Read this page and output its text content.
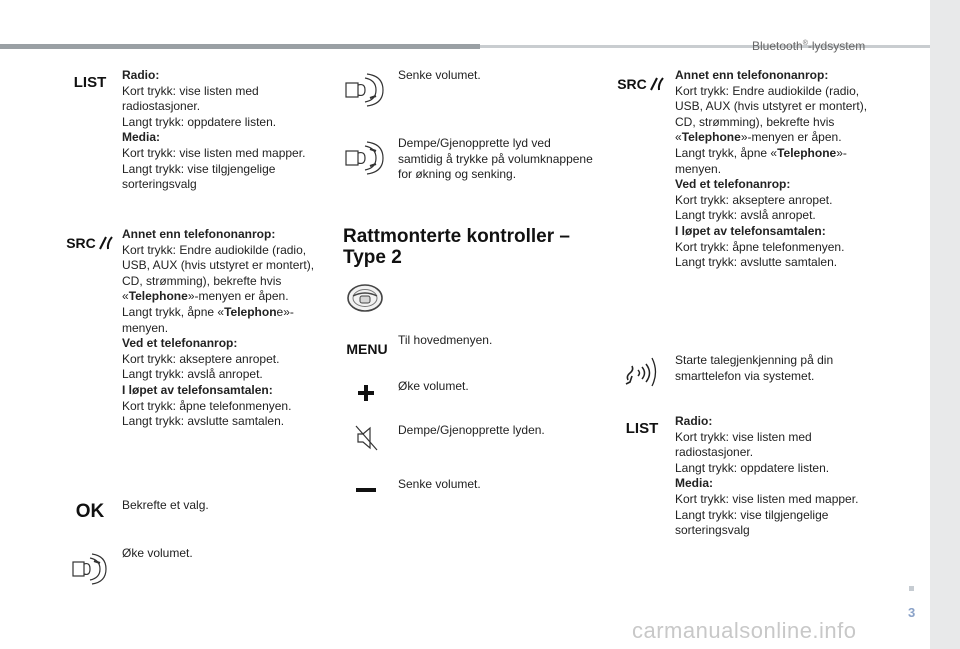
Bluetooth®-lydsystem
LIST Radio:
Kort trykk: vise listen med
radiostasjoner.
Langt trykk: oppdatere listen.
Media:
Kort trykk: vise listen med mapper.
Langt trykk: vise tilgjengelige
sorteringsvalg
SRC
Annet enn telefononanrop:
Kort trykk: Endre audiokilde (radio,
USB, AUX (hvis utstyret er montert),
CD, strømming), bekrefte hvis
«Telephone»-menyen er åpen.
Langt trykk, åpne «Telephone»-
menyen.
Ved et telefonanrop:
Kort trykk: akseptere anropet.
Langt trykk: avslå anropet.
I løpet av telefonsamtalen:
Kort trykk: åpne telefonmenyen.
Langt trykk: avslutte samtalen.
OK Bekrefte et valg.
Øke volumet.
Senke volumet.
Dempe/Gjenopprette lyd ved
samtidig å trykke på volumknappene
for økning og senking.
Rattmonterte kontroller – Type 2
MENU
Til hovedmenyen.
Øke volumet.
Dempe/Gjenopprette lyden.
Senke volumet.
SRC
Annet enn telefononanrop:
Kort trykk: Endre audiokilde (radio,
USB, AUX (hvis utstyret er montert),
CD, strømming), bekrefte hvis
«Telephone»-menyen er åpen.
Langt trykk, åpne «Telephone»-
menyen.
Ved et telefonanrop:
Kort trykk: akseptere anropet.
Langt trykk: avslå anropet.
I løpet av telefonsamtalen:
Kort trykk: åpne telefonmenyen.
Langt trykk: avslutte samtalen.
Starte talegjenkjenning på din
smarttelefon via systemet.
LIST Radio:
Kort trykk: vise listen med
radiostasjoner.
Langt trykk: oppdatere listen.
Media:
Kort trykk: vise listen med mapper.
Langt trykk: vise tilgjengelige
sorteringsvalg
3
carmanualsonline.info
